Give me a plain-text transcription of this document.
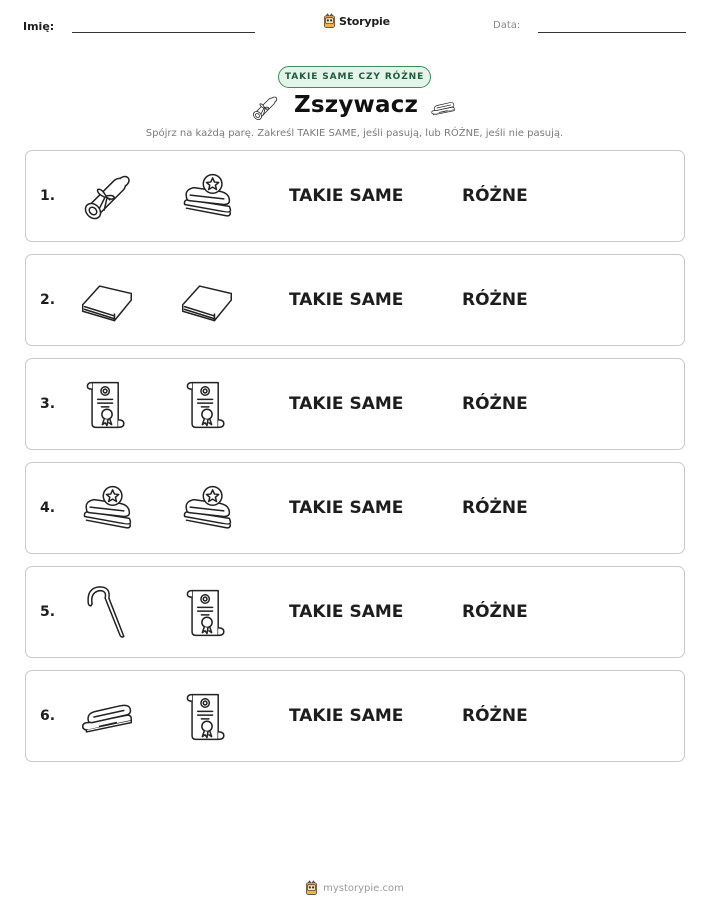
Imię:	Storypie	Data:
TAKIE SAME CZY RÓŻNE
Zszywacz
Spójrz na każdą parę. Zakreśl TAKIE SAME, jeśli pasują, lub RÓŻNE, jeśli nie pasują.
1.	TAKIE SAME	RÓŻNE
2.	TAKIE SAME	RÓŻNE
3.	TAKIE SAME	RÓŻNE
4.	TAKIE SAME	RÓŻNE
5.	TAKIE SAME	RÓŻNE
6.	TAKIE SAME	RÓŻNE
mystorypie.com
